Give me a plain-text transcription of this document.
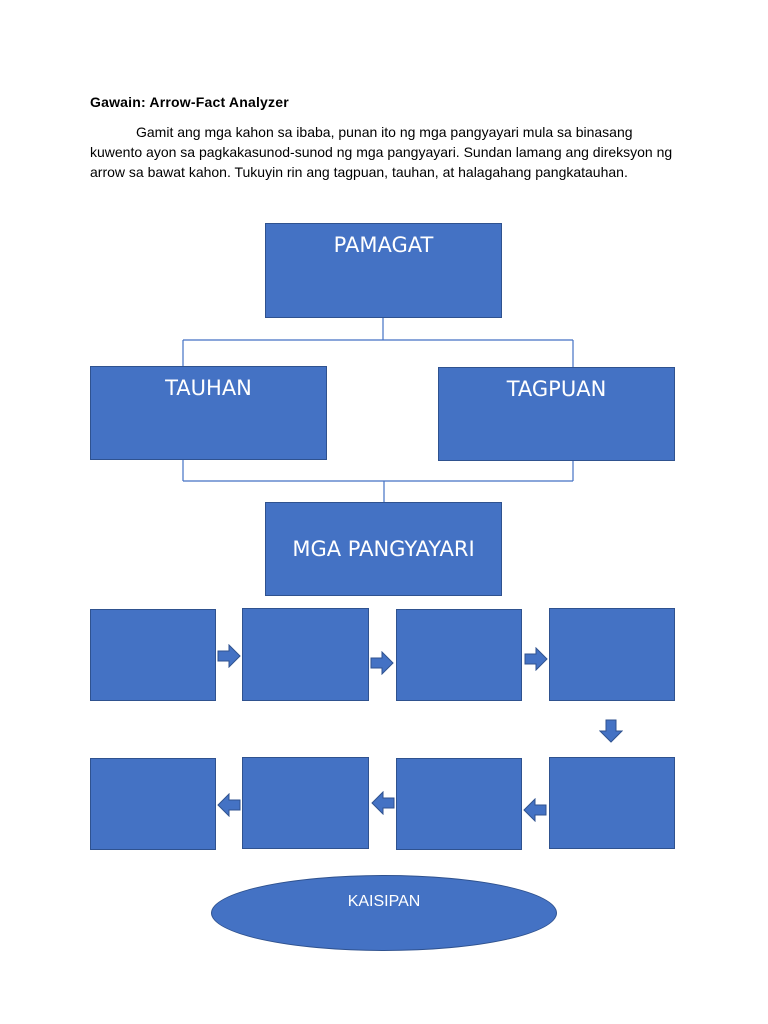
Gawain: Arrow-Fact Analyzer

Gamit ang mga kahon sa ibaba, punan ito ng mga pangyayari mula sa binasang kuwento ayon sa pagkakasunod-sunod ng mga pangyayari. Sundan lamang ang direksyon ng arrow sa bawat kahon. Tukuyin rin ang tagpuan, tauhan, at halagahang pangkatauhan.

PAMAGAT
TAUHAN	TAGPUAN
MGA PANGYAYARI
KAISIPAN
